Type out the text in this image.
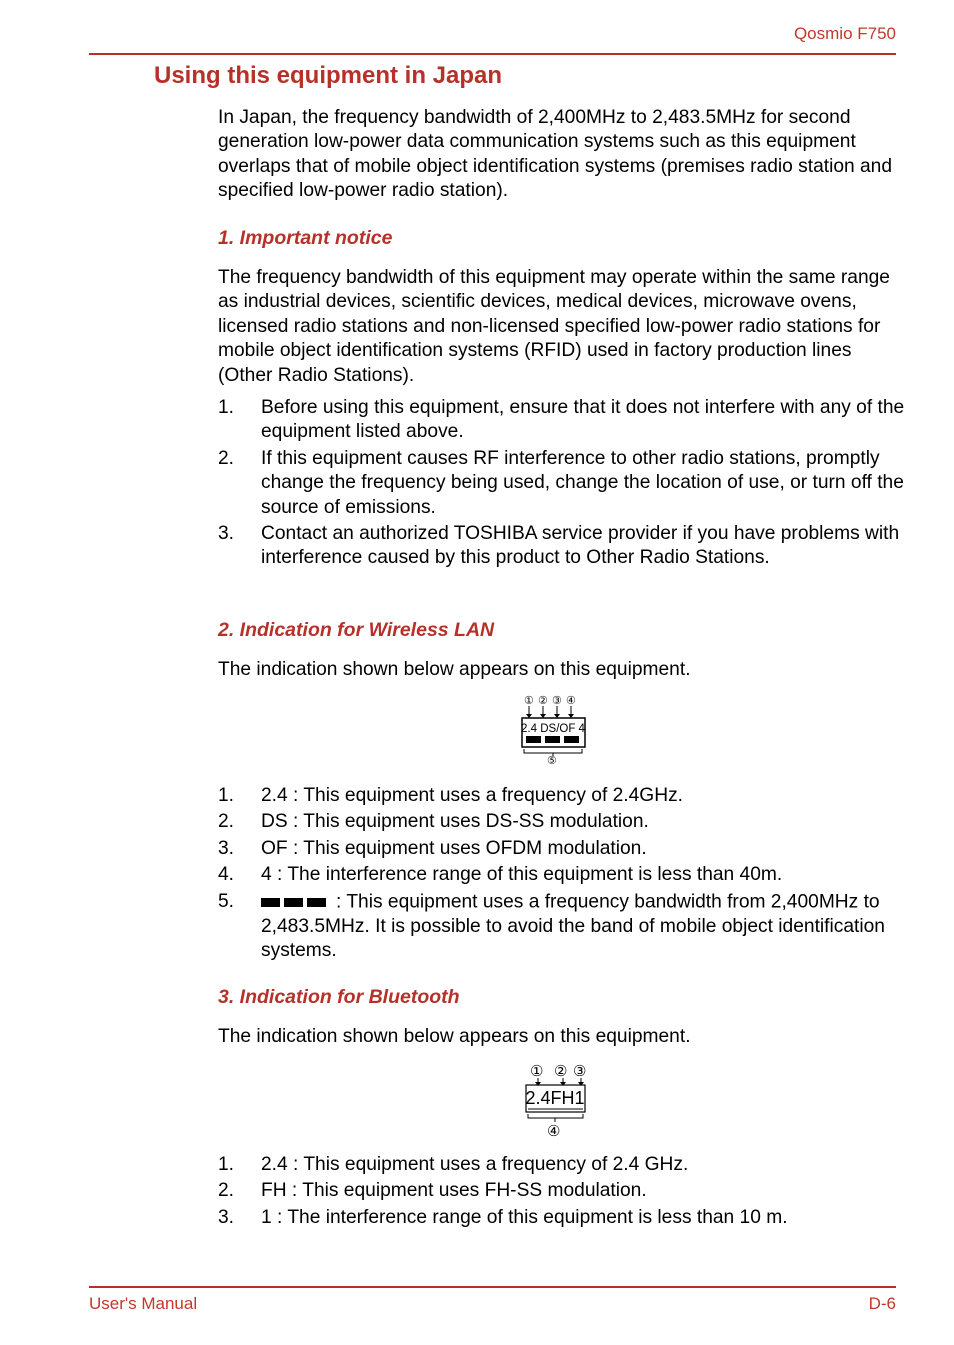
Qosmio F750
Using this equipment in Japan

In Japan, the frequency bandwidth of 2,400MHz to 2,483.5MHz for second generation low-power data communication systems such as this equipment overlaps that of mobile object identification systems (premises radio station and specified low-power radio station).

1. Important notice

The frequency bandwidth of this equipment may operate within the same range as industrial devices, scientific devices, medical devices, microwave ovens, licensed radio stations and non-licensed specified low-power radio stations for mobile object identification systems (RFID) used in factory production lines (Other Radio Stations).

1. Before using this equipment, ensure that it does not interfere with any of the equipment listed above.
2. If this equipment causes RF interference to other radio stations, promptly change the frequency being used, change the location of use, or turn off the source of emissions.
3. Contact an authorized TOSHIBA service provider if you have problems with interference caused by this product to Other Radio Stations.
2. Indication for Wireless LAN

The indication shown below appears on this equipment.

① ② ③ ④
2.4 DS/OF 4
⑤
1. 2.4 : This equipment uses a frequency of 2.4GHz.
2. DS : This equipment uses DS-SS modulation.
3. OF : This equipment uses OFDM modulation.
4. 4 : The interference range of this equipment is less than 40m.
5.	: This equipment uses a frequency bandwidth from 2,400MHz to 2,483.5MHz. It is possible to avoid the band of mobile object identification systems.
3. Indication for Bluetooth

The indication shown below appears on this equipment.

① ② ③
2.4FH1
④
1. 2.4 : This equipment uses a frequency of 2.4 GHz.
2. FH : This equipment uses FH-SS modulation.
3. 1 : The interference range of this equipment is less than 10 m.
User's Manual	D-6
